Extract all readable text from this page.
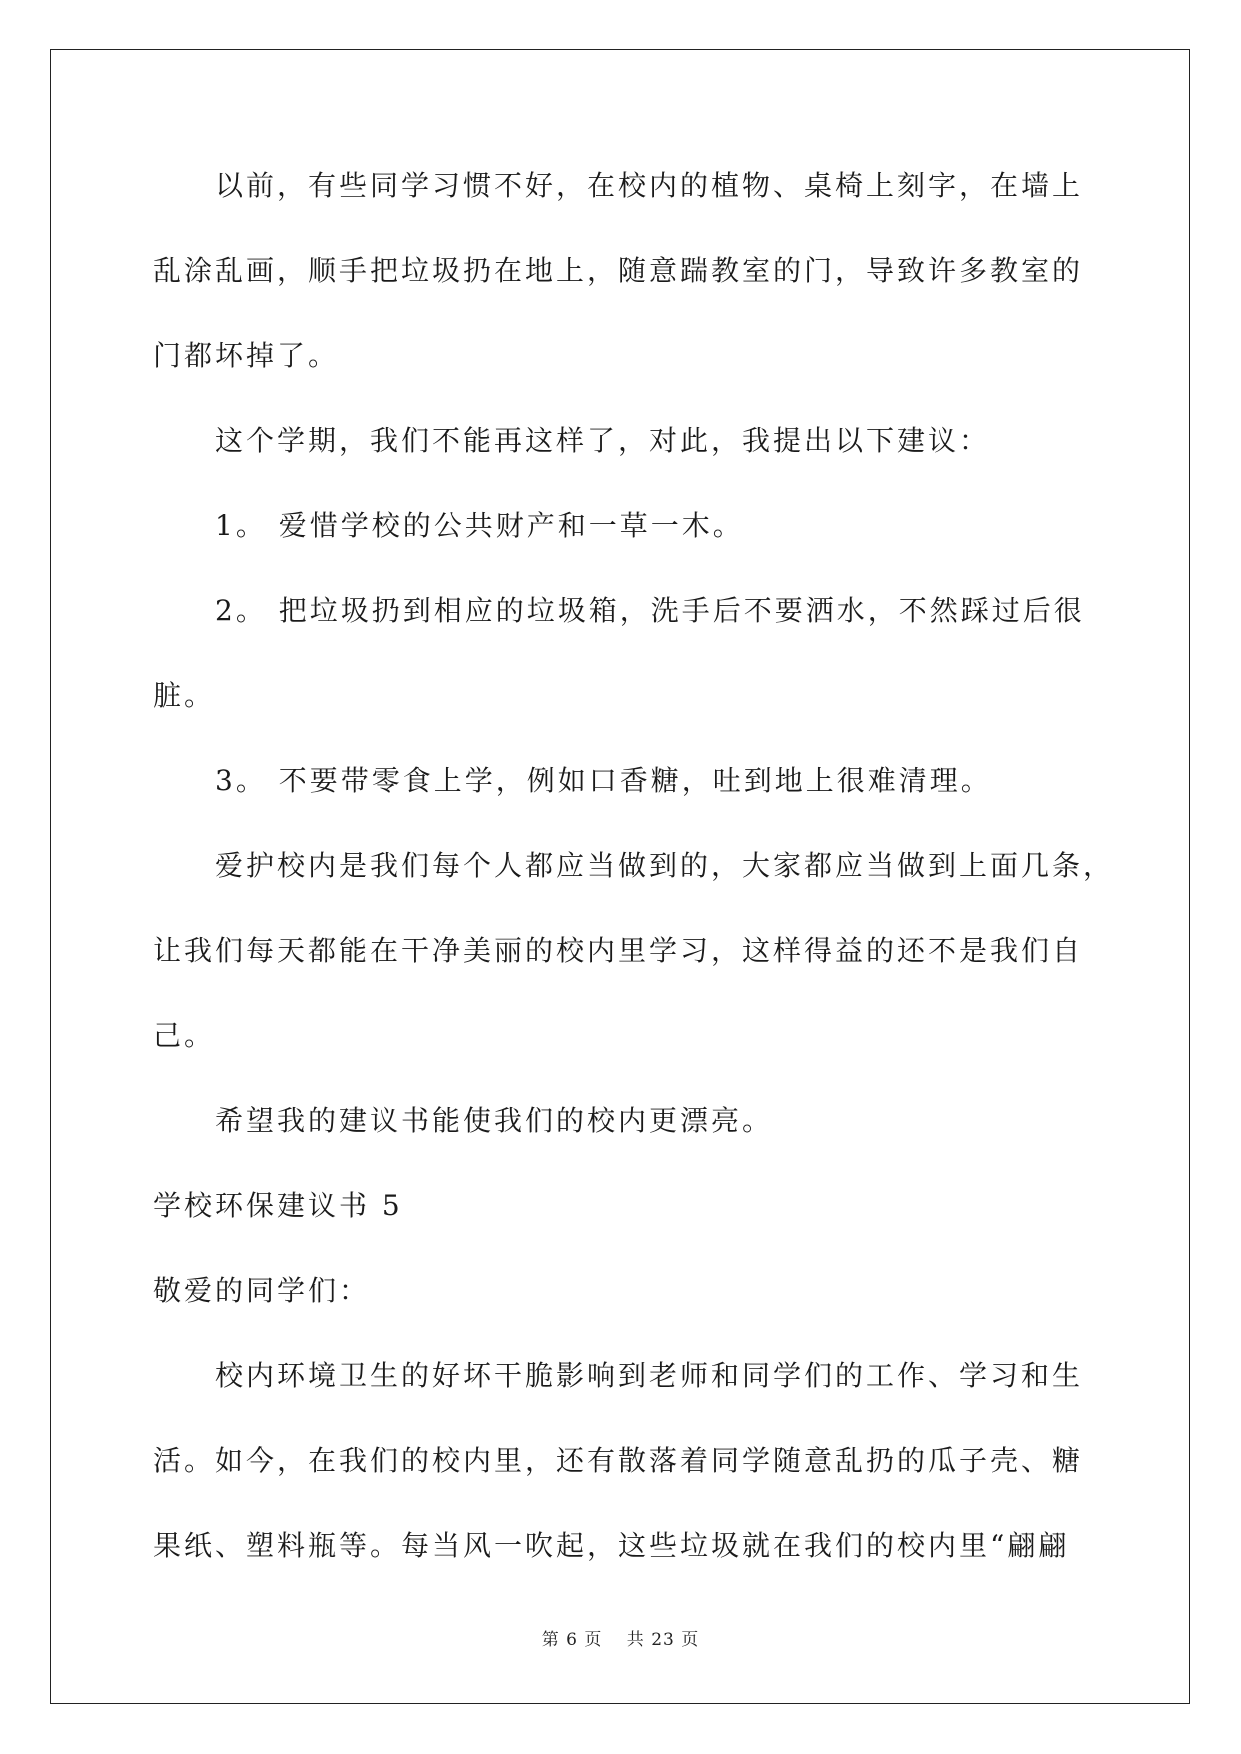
以前，有些同学习惯不好，在校内的植物、桌椅上刻字，在墙上
乱涂乱画，顺手把垃圾扔在地上，随意踹教室的门，导致许多教室的
门都坏掉了。
这个学期，我们不能再这样了，对此，我提出以下建议：
1。 爱惜学校的公共财产和一草一木。
2。 把垃圾扔到相应的垃圾箱，洗手后不要洒水，不然踩过后很
脏。
3。 不要带零食上学，例如口香糖，吐到地上很难清理。
爱护校内是我们每个人都应当做到的，大家都应当做到上面几条，
让我们每天都能在干净美丽的校内里学习，这样得益的还不是我们自
己。
希望我的建议书能使我们的校内更漂亮。
学校环保建议书 5
敬爱的同学们：
校内环境卫生的好坏干脆影响到老师和同学们的工作、学习和生
活。如今，在我们的校内里，还有散落着同学随意乱扔的瓜子壳、糖
果纸、塑料瓶等。每当风一吹起，这些垃圾就在我们的校内里“翩翩
第 6 页　 共 23 页
